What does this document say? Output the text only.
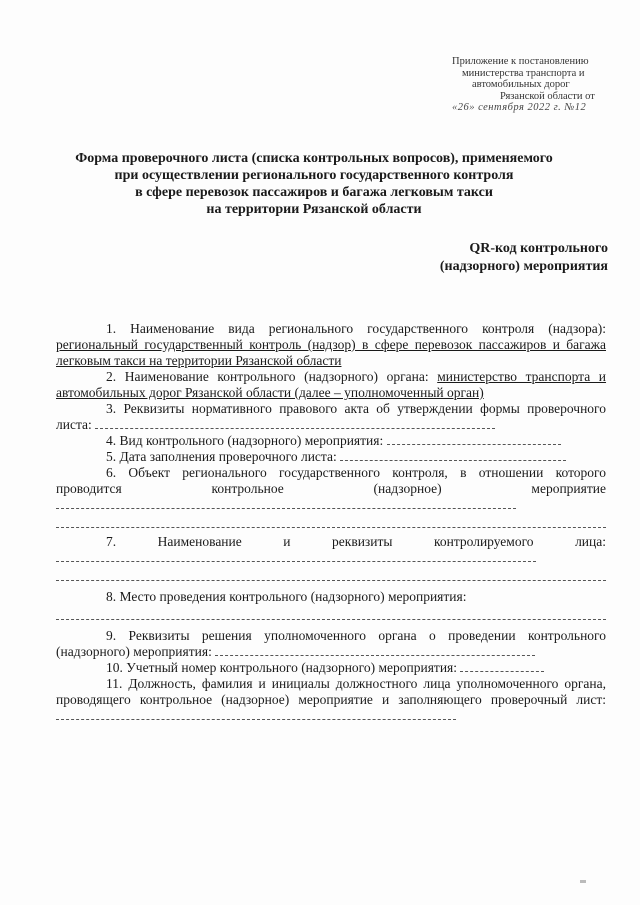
Приложение к постановлению
министерства транспорта и
автомобильных дорог
Рязанской области от
«26» сентября 2022 г. №12
Форма проверочного листа (списка контрольных вопросов), применяемого
при осуществлении регионального государственного контроля
в сфере перевозок пассажиров и багажа легковым такси
на территории Рязанской области
QR-код контрольного
(надзорного) мероприятия

1. Наименование вида регионального государственного контроля (надзора): региональный государственный контроль (надзор) в сфере перевозок пассажиров и багажа легковым такси на территории Рязанской области

2. Наименование контрольного (надзорного) органа: министерство транспорта и автомобильных дорог Рязанской области (далее – уполномоченный орган)

3. Реквизиты нормативного правового акта об утверждении формы проверочного листа:

4. Вид контрольного (надзорного) мероприятия:

5. Дата заполнения проверочного листа:

6. Объект регионального государственного контроля, в отношении которого проводится контрольное (надзорное) мероприятие

7. Наименование и реквизиты контролируемого лица:

8. Место проведения контрольного (надзорного) мероприятия:

9. Реквизиты решения уполномоченного органа о проведении контрольного (надзорного) мероприятия:

10. Учетный номер контрольного (надзорного) мероприятия:

11. Должность, фамилия и инициалы должностного лица уполномоченного органа, проводящего контрольное (надзорное) мероприятие и заполняющего проверочный лист:
